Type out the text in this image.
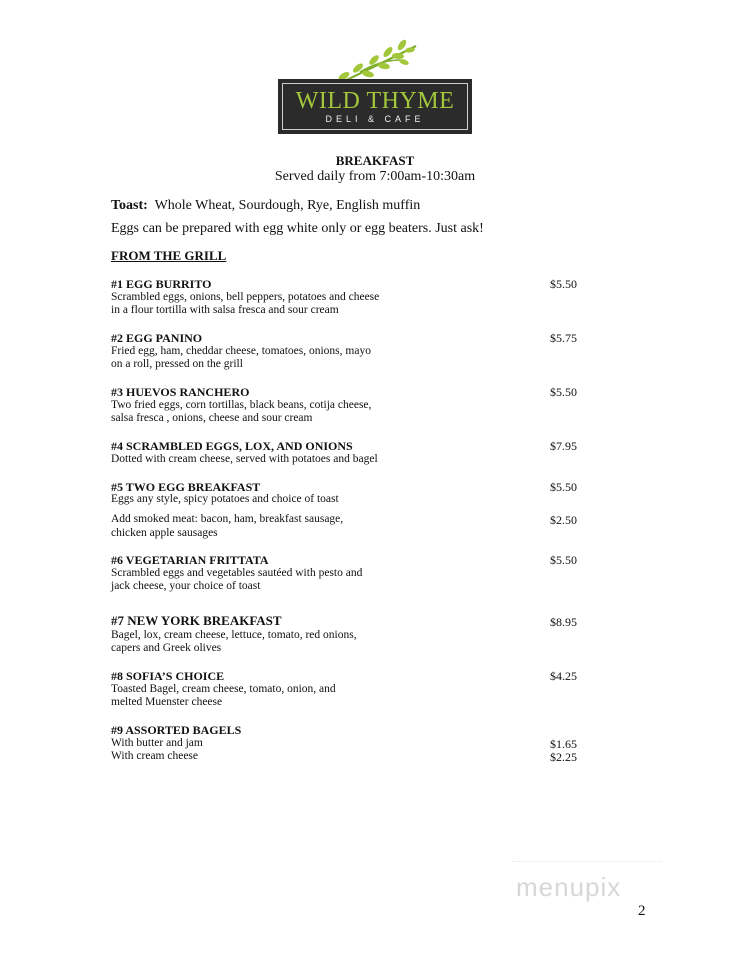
WILD THYME
DELI & CAFE
BREAKFAST
Served daily from 7:00am-10:30am
Toast: Whole Wheat, Sourdough, Rye, English muffin
Eggs can be prepared with egg white only or egg beaters. Just ask!
FROM THE GRILL
#1 EGG BURRITO
Scrambled eggs, onions, bell peppers, potatoes and cheese
in a flour tortilla with salsa fresca and sour cream
$5.50
#2 EGG PANINO
Fried egg, ham, cheddar cheese, tomatoes, onions, mayo
on a roll, pressed on the grill
$5.75
#3 HUEVOS RANCHERO
Two fried eggs, corn tortillas, black beans, cotija cheese,
salsa fresca , onions, cheese and sour cream
$5.50
#4 SCRAMBLED EGGS, LOX, AND ONIONS
Dotted with cream cheese, served with potatoes and bagel
$7.95
#5 TWO EGG BREAKFAST
Eggs any style, spicy potatoes and choice of toast
$5.50
Add smoked meat: bacon, ham, breakfast sausage,
chicken apple sausages
$2.50
#6 VEGETARIAN FRITTATA
Scrambled eggs and vegetables sautéed with pesto and
jack cheese, your choice of toast
$5.50
#7 NEW YORK BREAKFAST
Bagel, lox, cream cheese, lettuce, tomato, red onions,
capers and Greek olives
$8.95
#8 SOFIA’S CHOICE
Toasted Bagel, cream cheese, tomato, onion, and
melted Muenster cheese
$4.25
#9 ASSORTED BAGELS
With butter and jam
With cream cheese
$1.65
$2.25
menupix
2
